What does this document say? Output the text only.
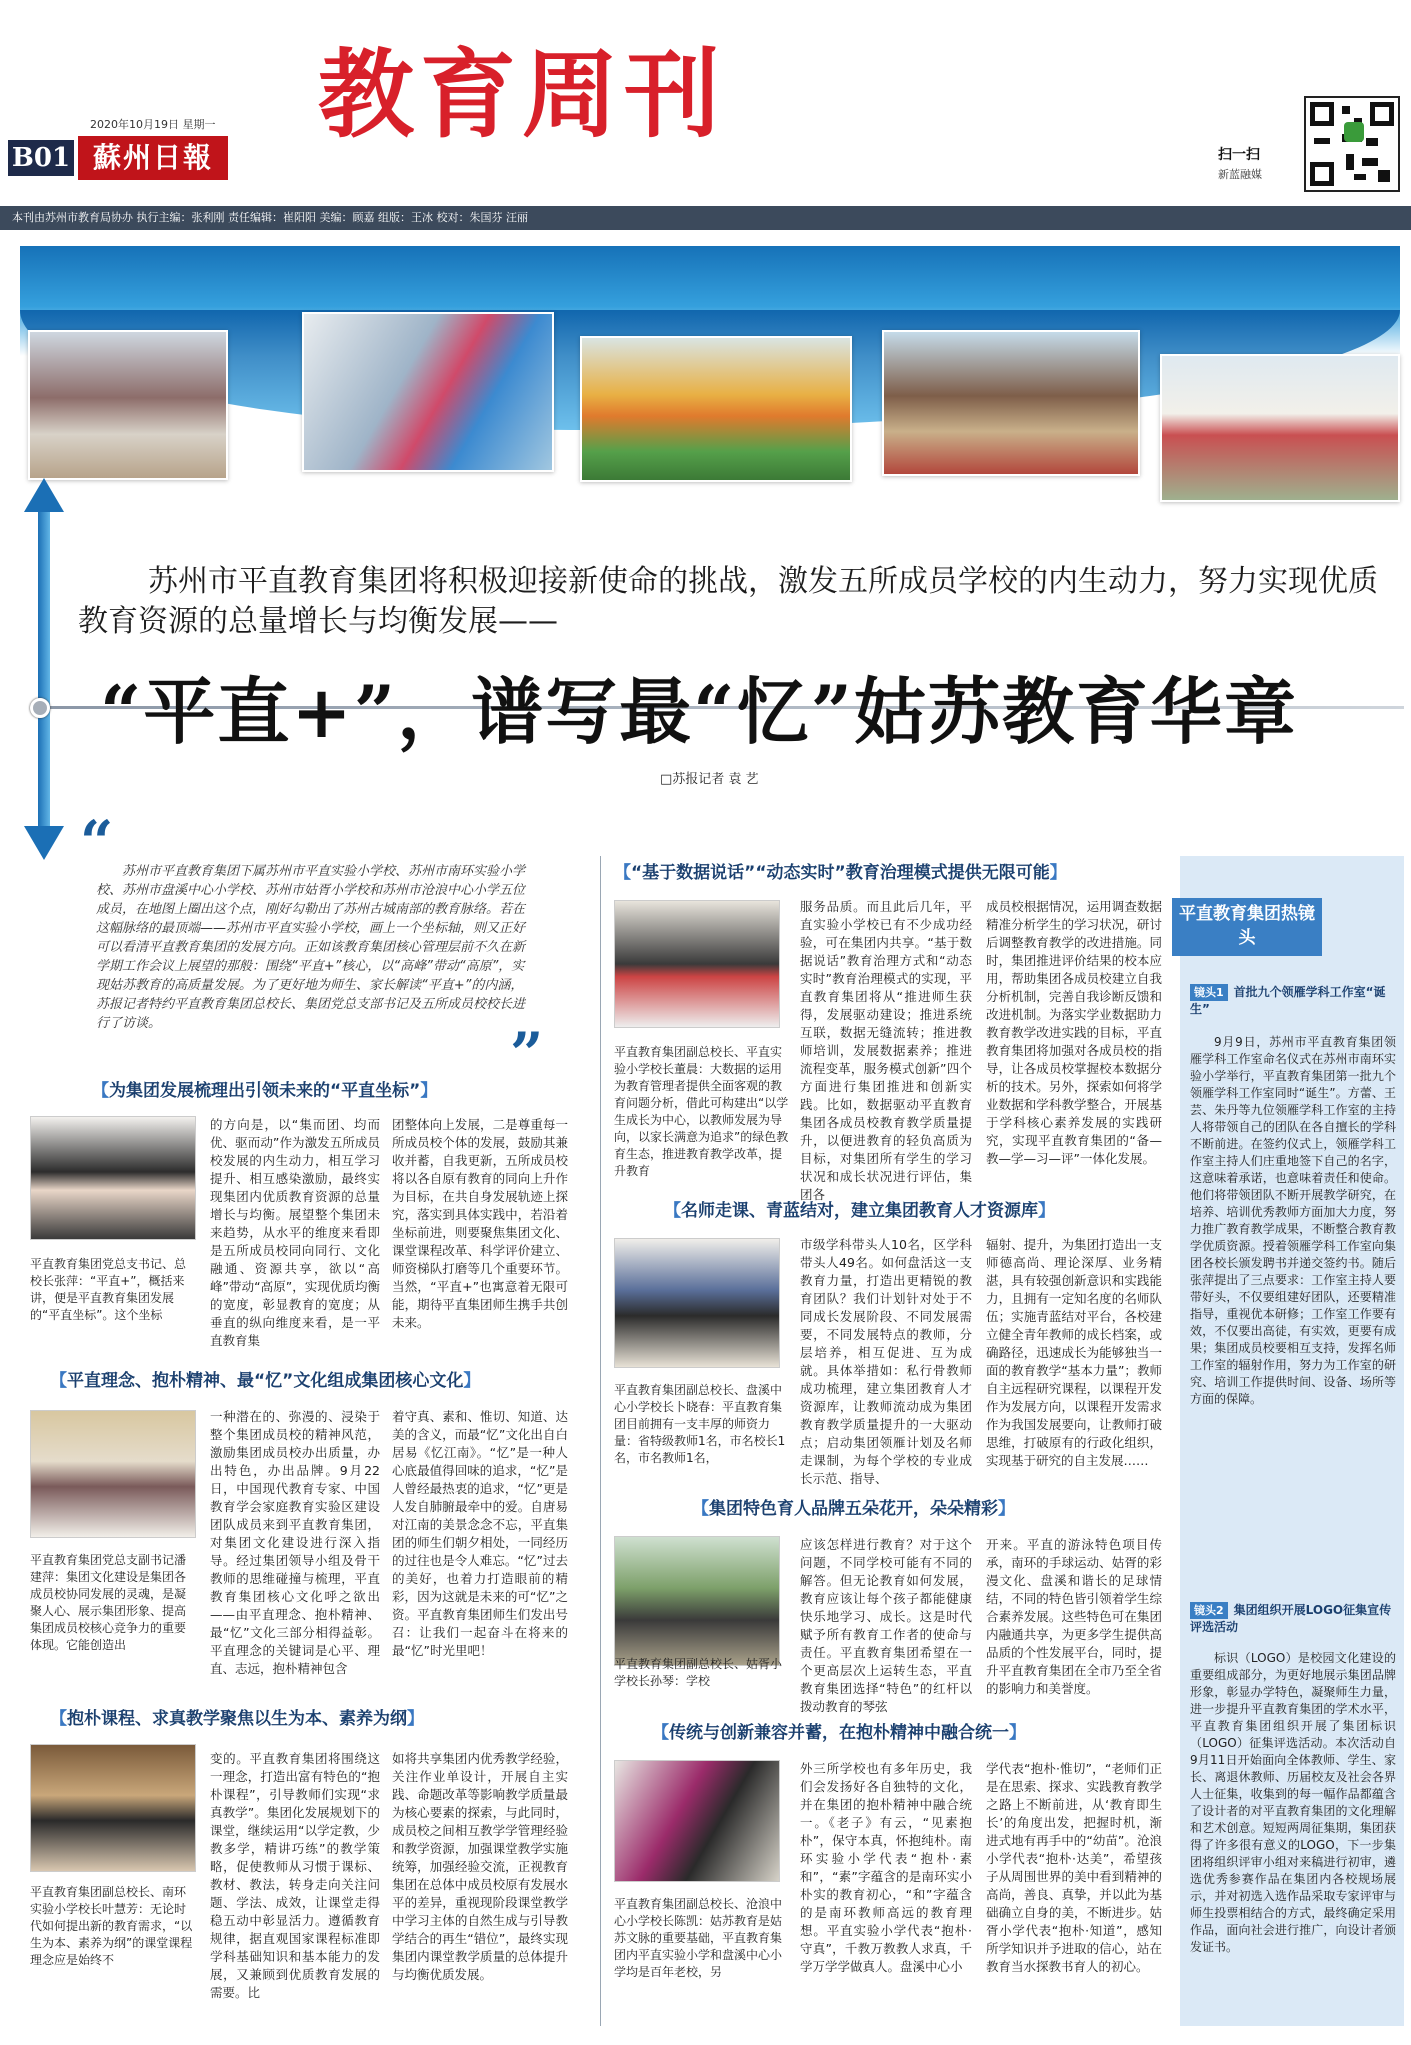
2020年10月19日 星期一
B01 蘇州日報
教育周刊
扫一扫
新蓝融媒
本刊由苏州市教育局协办 执行主编：张利刚 责任编辑：崔阳阳 美编：顾嘉 组版：王冰 校对：朱国芬 汪丽
苏州市平直教育集团将积极迎接新使命的挑战，激发五所成员学校的内生动力，努力实现优质教育资源的总量增长与均衡发展——
“平直+”，谱写最“忆”姑苏教育华章
□苏报记者 袁 艺
“ 苏州市平直教育集团下属苏州市平直实验小学校、苏州市南环实验小学校、苏州市盘溪中心小学校、苏州市姑胥小学校和苏州市沧浪中心小学五位成员，在地图上圈出这个点，刚好勾勒出了苏州古城南部的教育脉络。若在这幅脉络的最顶端——苏州市平直实验小学校，画上一个坐标轴，则又正好可以看清平直教育集团的发展方向。正如该教育集团核心管理层前不久在新学期工作会议上展望的那般：围绕“平直+”核心，以“高峰”带动“高原”，实现姑苏教育的高质量发展。为了更好地为师生、家长解读“平直+”的内涵，苏报记者特约平直教育集团总校长、集团党总支部书记及五所成员校校长进行了访谈。	”
【为集团发展梳理出引领未来的“平直坐标”】
平直教育集团党总支书记、总校长张萍：“平直+”，概括来讲，便是平直教育集团发展的“平直坐标”。这个坐标
的方向是，以“集而团、均而优、驱而动”作为激发五所成员校发展的内生动力，相互学习提升、相互感染激励，最终实现集团内优质教育资源的总量增长与均衡。展望整个集团未来趋势，从水平的维度来看即是五所成员校同向同行、文化融通、资源共享，欲以“高峰”带动“高原”，实现优质均衡的宽度，彰显教育的宽度；从垂直的纵向维度来看，是一平直教育集
团整体向上发展，二是尊重每一所成员校个体的发展，鼓励其兼收并蓄，自我更新，五所成员校将以各自原有教育的同向上升作为目标，在共自身发展轨迹上探究，落实到具体实践中，若沿着坐标前进，则要聚焦集团文化、课堂课程改革、科学评价建立、师资梯队打磨等几个重要环节。当然，“平直+”也寓意着无限可能，期待平直集团师生携手共创未来。
【平直理念、抱朴精神、最“忆”文化组成集团核心文化】
平直教育集团党总支副书记潘建萍：集团文化建设是集团各成员校协同发展的灵魂，是凝聚人心、展示集团形象、提高集团成员校核心竞争力的重要体现。它能创造出
一种潜在的、弥漫的、浸染于整个集团成员校的精神风范，激励集团成员校办出质量，办出特色，办出品牌。9月22日，中国现代教育专家、中国教育学会家庭教育实验区建设团队成员来到平直教育集团，对集团文化建设进行深入指导。经过集团领导小组及骨干教师的思维碰撞与梳理，平直教育集团核心文化呼之欲出——由平直理念、抱朴精神、最“忆”文化三部分相得益彰。平直理念的关键词是心平、理直、志远，抱朴精神包含
着守真、素和、惟切、知道、达美的含义，而最“忆”文化出自白居易《忆江南》。“忆”是一种人心底最值得回味的追求，“忆”是人曾经最热衷的追求，“忆”更是人发自肺腑最牵中的爱。自唐易对江南的美景念念不忘，平直集团的师生们朝夕相处，一同经历的过往也是令人难忘。“忆”过去的美好，也着力打造眼前的精彩，因为这就是未来的可“忆”之资。平直教育集团师生们发出号召：让我们一起奋斗在将来的最“忆”时光里吧！
【抱朴课程、求真教学聚焦以生为本、素养为纲】
平直教育集团副总校长、南环实验小学校长叶慧芳：无论时代如何提出新的教育需求，“以生为本、素养为纲”的课堂课程理念应是始终不
变的。平直教育集团将围绕这一理念，打造出富有特色的“抱朴课程”，引导教师们实现“求真教学”。集团化发展规划下的课堂，继续运用“以学定教，少教多学，精讲巧练”的教学策略，促使教师从习惯于课标、教材、教法，转身走向关注问题、学法、成效，让课堂走得稳五动中彰显活力。遵循教育规律，据直观国家课程标准即学科基础知识和基本能力的发展，又兼顾到优质教育发展的需要。比
如将共享集团内优秀教学经验，关注作业单设计，开展自主实践、命题改革等影响教学质量最为核心要素的探索，与此同时，成员校之间相互教学学管理经验和教学资源，加强课堂教学实施统筹，加强经验交流，正视教育集团在总体中成员校原有发展水平的差异，重视现阶段课堂教学中学习主体的自然生成与引导教学结合的再生“错位”，最终实现集团内课堂教学质量的总体提升与均衡优质发展。
【“基于数据说话”“动态实时”教育治理模式提供无限可能】
平直教育集团副总校长、平直实验小学校长董晨：大数据的运用为教育管理者提供全面客观的教育问题分析，借此可构建出“以学生成长为中心，以教师发展为导向，以家长满意为追求”的绿色教育生态，推进教育教学改革，提升教育
服务品质。而且此后几年，平直实验小学校已有不少成功经验，可在集团内共享。“基于数据说话”教育治理方式和“动态实时”教育治理模式的实现，平直教育集团将从“推进师生获得，发展驱动建设；推进系统互联，数据无缝流转；推进教师培训，发展数据素养；推进流程变革，服务模式创新”四个方面进行集团推进和创新实践。比如，数据驱动平直教育集团各成员校教育教学质量提升，以便进教育的轻负高质为目标，对集团所有学生的学习状况和成长状况进行评估，集团各
成员校根据情况，运用调查数据精准分析学生的学习状况，研讨后调整教育教学的改进措施。同时，集团推进评价结果的校本应用，帮助集团各成员校建立自我分析机制，完善自我诊断反馈和改进机制。为落实学业数据助力教育教学改进实践的目标，平直教育集团将加强对各成员校的指导，让各成员校掌握校本数据分析的技术。另外，探索如何将学业数据和学科教学整合，开展基于学科核心素养发展的实践研究，实现平直教育集团的“备—教—学—习—评”一体化发展。
【名师走课、青蓝结对，建立集团教育人才资源库】
平直教育集团副总校长、盘溪中心小学校长卜晓春：平直教育集团目前拥有一支丰厚的师资力量：省特级教师1名，市名校长1名，市名教师1名，
市级学科带头人10名，区学科带头人49名。如何盘活这一支教育力量，打造出更精锐的教育团队？我们计划针对处于不同成长发展阶段、不同发展需要，不同发展特点的教师，分层培养，相互促进、互为成就。具体举措如：私行骨教师成功梳理，建立集团教育人才资源库，让教师流动成为集团教育教学质量提升的一大驱动点；启动集团领雁计划及名师走课制，为每个学校的专业成长示范、指导、
辐射、提升，为集团打造出一支师德高尚、理论深厚、业务精湛，具有较强创新意识和实践能力，且拥有一定知名度的名师队伍；实施青蓝结对平台，各校建立健全青年教师的成长档案，或确路径，迅速成长为能够独当一面的教育教学“基本力量”；教师自主远程研究课程，以课程开发作为发展方向，以课程开发需求作为我国发展要向，让教师打破思维，打破原有的行政化组织，实现基于研究的自主发展……
【集团特色育人品牌五朵花开，朵朵精彩】
平直教育集团副总校长、姑胥小学校长孙琴：学校
应该怎样进行教育？对于这个问题，不同学校可能有不同的解答。但无论教育如何发展，教育应该让每个孩子都能健康快乐地学习、成长。这是时代赋予所有教育工作者的使命与责任。平直教育集团希望在一个更高层次上运转生态，平直教育集团选择“特色”的红杆以拨动教育的琴弦
开来。平直的游泳特色项目传承，南环的手球运动、姑胥的彩漫文化、盘溪和谐长的足球情结，不同的特色皆引领着学生综合素养发展。这些特色可在集团内融通共享，为更多学生提供高品质的个性发展平台，同时，提升平直教育集团在全市乃至全省的影响力和美誉度。
【传统与创新兼容并蓄，在抱朴精神中融合统一】
平直教育集团副总校长、沧浪中心小学校长陈凯：姑苏教育是姑苏文脉的重要基础，平直教育集团内平直实验小学和盘溪中心小学均是百年老校，另
外三所学校也有多年历史，我们会发扬好各自独特的文化，并在集团的抱朴精神中融合统一。《老子》有云，“见素抱朴”，保守本真，怀抱纯朴。南环实验小学代表“抱朴·素和”，“素”字蕴含的是南环实小朴实的教育初心，“和”字蕴含的是南环教师高远的教育理想。平直实验小学代表“抱朴·守真”，千教万教教人求真，千学万学学做真人。盘溪中心小
学代表“抱朴·惟切”，“老师们正是在思索、探求、实践教育教学之路上不断前进，从‘教育即生长’的角度出发，把握时机，渐进式地有再手中的“幼苗”。沧浪小学代表“抱朴·达美”，希望孩子从周围世界的美中看到精神的高尚，善良、真挚，并以此为基础确立自身的美，不断进步。姑胥小学代表“抱朴·知道”，感知所学知识并予进取的信心，站在教育当水探教书育人的初心。
平直教育集团热镜头
镜头1 首批九个领雁学科工作室“诞生”
9月9日，苏州市平直教育集团领雁学科工作室命名仪式在苏州市南环实验小学举行，平直教育集团第一批九个领雁学科工作室同时“诞生”。方蕾、王芸、朱丹等九位领雁学科工作室的主持人将带领自己的团队在各自擅长的学科不断前进。在签约仪式上，领雁学科工作室主持人们庄重地签下自己的名字，这意味着承诺，也意味着责任和使命。他们将带领团队不断开展教学研究，在培养、培训优秀教师方面加大力度，努力推广教育教学成果，不断整合教育教学优质资源。授着领雁学科工作室向集团各校长颁发聘书并递交签约书。随后张萍提出了三点要求：工作室主持人要带好头，不仅要组建好团队，还要精准指导，重视优本研修；工作室工作要有效，不仅要出高徒，有实效，更要有成果；集团成员校要相互支持，发挥名师工作室的辐射作用，努力为工作室的研究、培训工作提供时间、设备、场所等方面的保障。
镜头2 集团组织开展LOGO征集宣传评选活动
标识（LOGO）是校园文化建设的重要组成部分，为更好地展示集团品牌形象，彰显办学特色，凝聚师生力量，进一步提升平直教育集团的学术水平，平直教育集团组织开展了集团标识（LOGO）征集评选活动。本次活动自9月11日开始面向全体教师、学生、家长、离退休教师、历届校友及社会各界人士征集，收集到的每一幅作品都蕴含了设计者的对平直教育集团的文化理解和艺术创意。短短两周征集期，集团获得了许多很有意义的LOGO，下一步集团将组织评审小组对来稿进行初审，遴选优秀参赛作品在集团内各校规场展示，并对初选入选作品采取专家评审与师生投票相结合的方式，最终确定采用作品，面向社会进行推广，向设计者颁发证书。
